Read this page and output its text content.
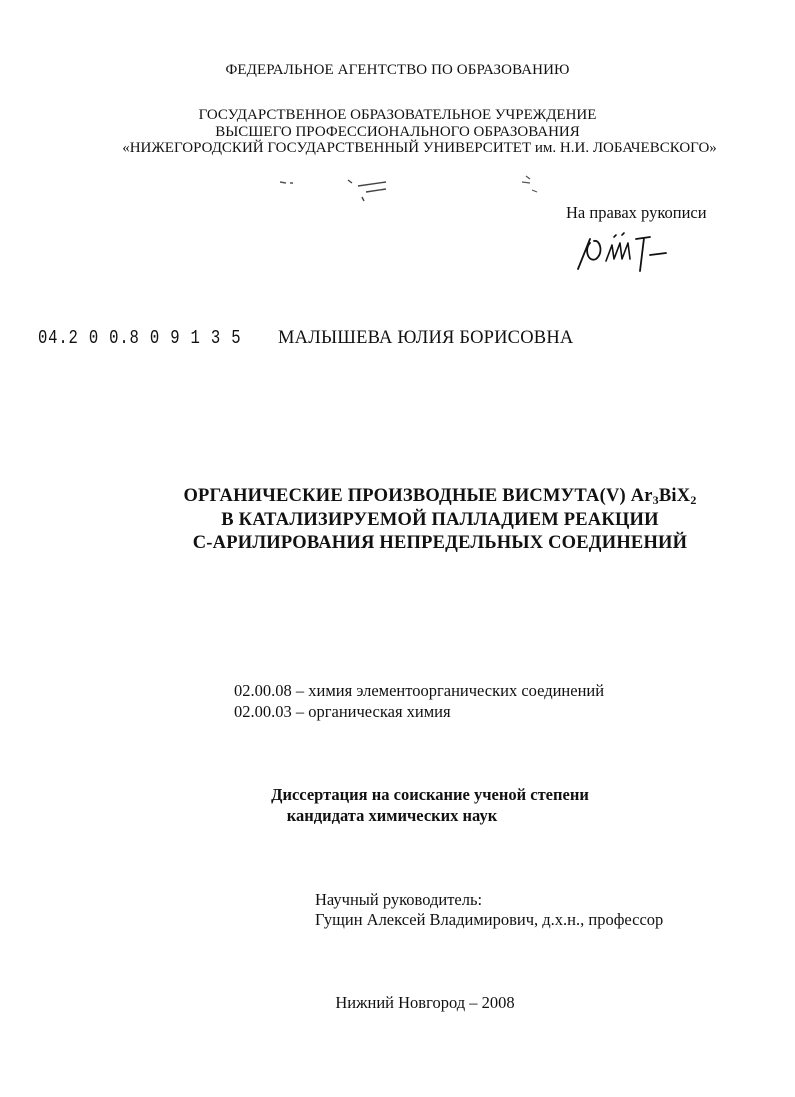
ФЕДЕРАЛЬНОЕ АГЕНТСТВО ПО ОБРАЗОВАНИЮ
ГОСУДАРСТВЕННОЕ ОБРАЗОВАТЕЛЬНОЕ УЧРЕЖДЕНИЕ
ВЫСШЕГО ПРОФЕССИОНАЛЬНОГО ОБРАЗОВАНИЯ
«НИЖЕГОРОДСКИЙ ГОСУДАРСТВЕННЫЙ УНИВЕРСИТЕТ им. Н.И. ЛОБАЧЕВСКОГО»
На правах рукописи
04.2 0 0.8 0 9 1 3 5 МАЛЫШЕВА ЮЛИЯ БОРИСОВНА
ОРГАНИЧЕСКИЕ ПРОИЗВОДНЫЕ ВИСМУТА(V) $Ar_3BiX_2$
В КАТАЛИЗИРУЕМОЙ ПАЛЛАДИЕМ РЕАКЦИИ
С-АРИЛИРОВАНИЯ НЕПРЕДЕЛЬНЫХ СОЕДИНЕНИЙ
02.00.08 – химия элементоорганических соединений
02.00.03 – органическая химия
Диссертация на соискание ученой степени
кандидата химических наук
Научный руководитель:
Гущин Алексей Владимирович, д.х.н., профессор
Нижний Новгород – 2008
